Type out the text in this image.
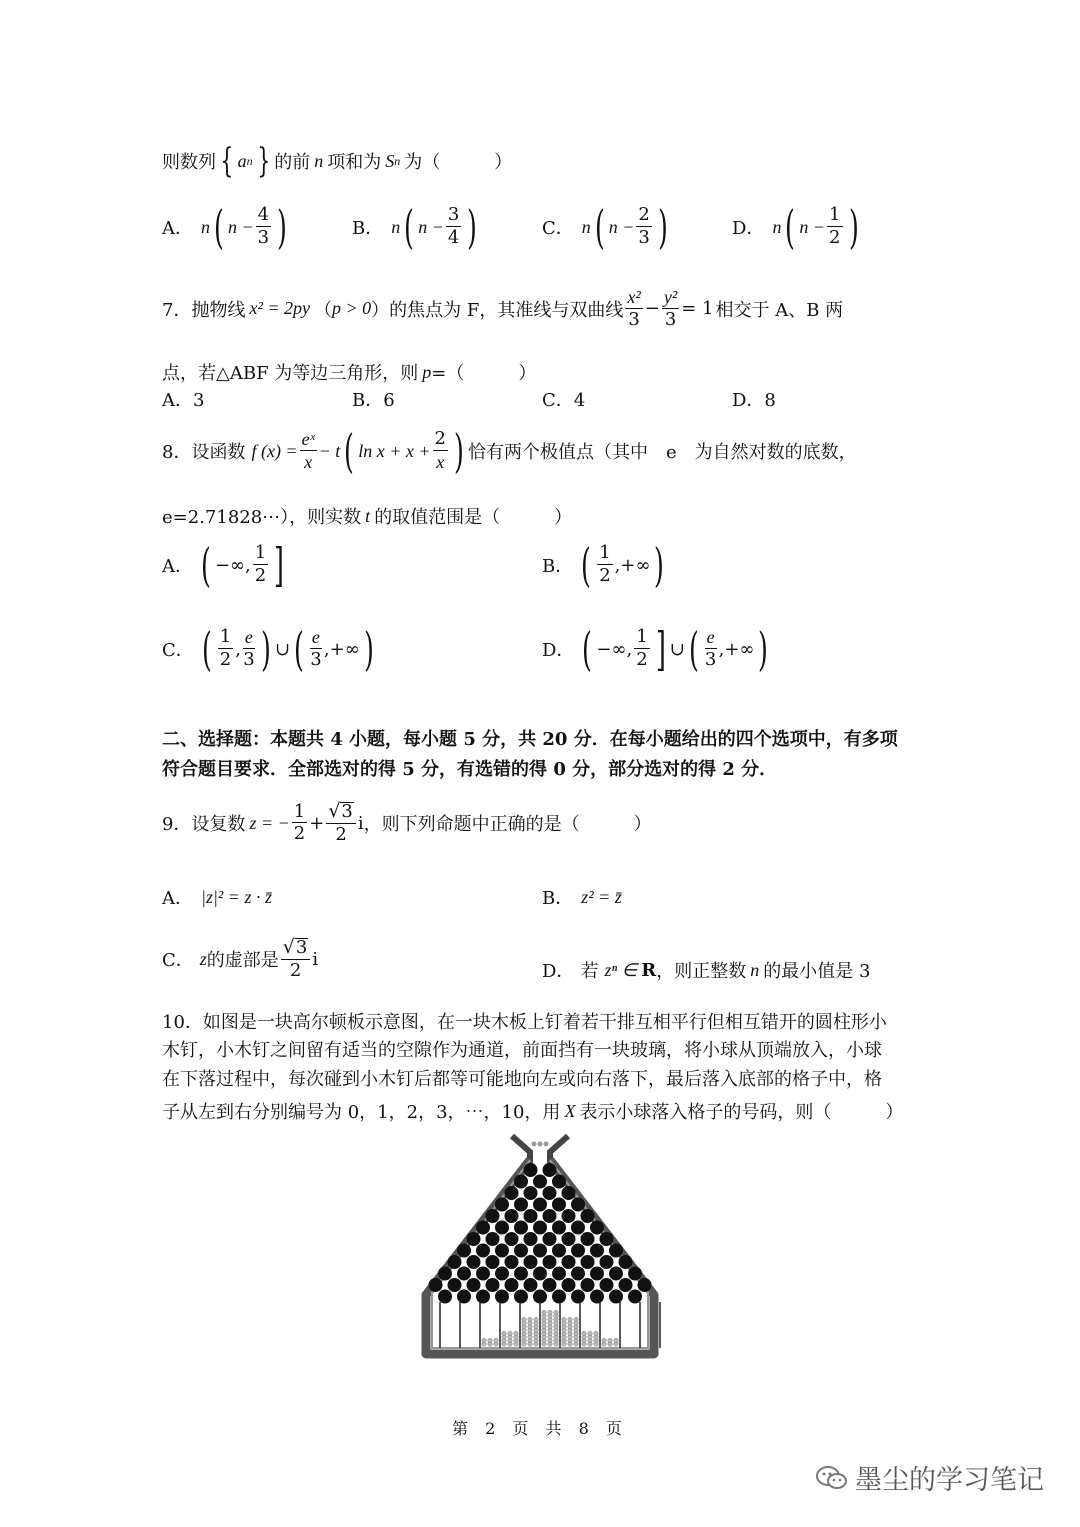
则数列 { a n } 的前 n 项和为 S n 为（　　　）
A． n ( $n - \frac{4}{3}$ )	B． n ( $n - \frac{3}{4}$ )	C． n ( $n - \frac{2}{3}$ )	D． n ( $n - \frac{1}{2}$ )
7．抛物线 x² = 2py （ p > 0 ）的焦点为 F，其准线与双曲线 $\frac{\text{x²}}{3} - \frac{\text{y²}}{3} = 1$ 相交于 A、B 两
点，若△ABF 为等边三角形，则 p =（　　　）
A．3	B．6	C．4	D．8
8．设函数 f $(x) = \frac{\text{eˣ}}{x} - t$ ( $\ln x + x + \frac{2}{x}$ ) 恰有两个极值点（其中　e　为自然对数的底数，
e=2.71828⋯），则实数 t 的取值范围是（　　　）
A． ( −∞, $\frac{1}{2}$ ]	B． ( $\frac{1}{2}$ ,+∞ )
C． ( $\frac{1}{2}$ , $\frac{e}{3}$ ) ∪ ( $\frac{e}{3}$ ,+∞ )	D． ( −∞, $\frac{1}{2}$ ] ∪ ( $\frac{e}{3}$ ,+∞ )
二、选择题：本题共 4 小题，每小题 5 分，共 20 分．在每小题给出的四个选项中，有多项
符合题目要求．全部选对的得 5 分，有选错的得 0 分，部分选对的得 2 分．
9．设复数 z = − $\frac{1}{2} + \frac{√ 3}{2}$ i ，则下列命题中正确的是（　　　）
A． |z|² = z · z̄	B． z² = z̄
C． z 的虚部是 $\frac{√ 3}{2}$ i
D． 若 zⁿ ∈ R ，则正整数 n 的最小值是 3
10．如图是一块高尔顿板示意图，在一块木板上钉着若干排互相平行但相互错开的圆柱形小
木钉，小木钉之间留有适当的空隙作为通道，前面挡有一块玻璃，将小球从顶端放入，小球
在下落过程中，每次碰到小木钉后都等可能地向左或向右落下，最后落入底部的格子中，格
子从左到右分别编号为 0，1，2，3，⋯，10，用 X 表示小球落入格子的号码，则（　　　）
第 2 页 共 8 页
墨尘的学习笔记
